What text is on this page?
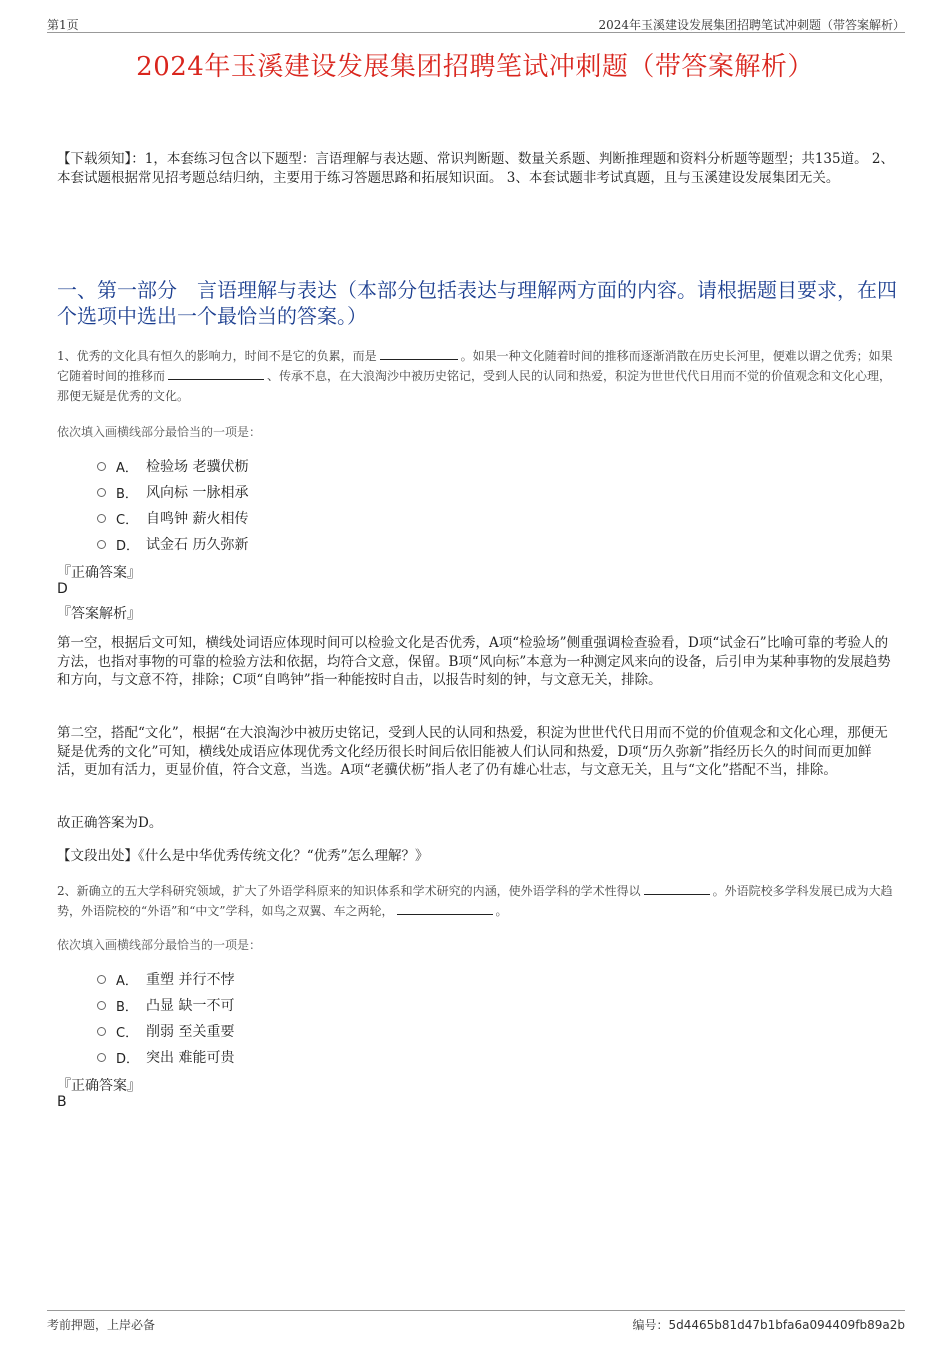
第1页	2024年玉溪建设发展集团招聘笔试冲刺题（带答案解析）
2024年玉溪建设发展集团招聘笔试冲刺题（带答案解析）
【下载须知】：1，本套练习包含以下题型：言语理解与表达题、常识判断题、数量关系题、判断推理题和资料分析题等题型；共135道。 2、本套试题根据常见招考题总结归纳，主要用于练习答题思路和拓展知识面。 3、本套试题非考试真题，且与玉溪建设发展集团无关。
一、第一部分　言语理解与表达（本部分包括表达与理解两方面的内容。请根据题目要求，在四个选项中选出一个最恰当的答案。）
1、优秀的文化具有恒久的影响力，时间不是它的负累，而是	。如果一种文化随着时间的推移而逐渐消散在历史长河里，便难以谓之优秀；如果它随着时间的推移而	、传承不息，在大浪淘沙中被历史铭记，受到人民的认同和热爱，积淀为世世代代日用而不觉的价值观念和文化心理，那便无疑是优秀的文化。
依次填入画横线部分最恰当的一项是：
A． 检验场 老骥伏枥
B． 风向标 一脉相承
C． 自鸣钟 薪火相传
D． 试金石 历久弥新
『正确答案』
D
『答案解析』
第一空，根据后文可知，横线处词语应体现时间可以检验文化是否优秀，A项“检验场”侧重强调检查验看，D项“试金石”比喻可靠的考验人的方法，也指对事物的可靠的检验方法和依据，均符合文意，保留。B项“风向标”本意为一种测定风来向的设备，后引申为某种事物的发展趋势和方向，与文意不符，排除；C项“自鸣钟”指一种能按时自击，以报告时刻的钟，与文意无关，排除。
第二空，搭配“文化”，根据“在大浪淘沙中被历史铭记，受到人民的认同和热爱，积淀为世世代代日用而不觉的价值观念和文化心理，那便无疑是优秀的文化”可知，横线处成语应体现优秀文化经历很长时间后依旧能被人们认同和热爱，D项“历久弥新”指经历长久的时间而更加鲜活，更加有活力，更显价值，符合文意，当选。A项“老骥伏枥”指人老了仍有雄心壮志，与文意无关，且与“文化”搭配不当，排除。
故正确答案为D。
【文段出处】《什么是中华优秀传统文化？“优秀”怎么理解？》
2、新确立的五大学科研究领域，扩大了外语学科原来的知识体系和学术研究的内涵，使外语学科的学术性得以	。外语院校多学科发展已成为大趋势，外语院校的“外语”和“中文”学科，如鸟之双翼、车之两轮，	。
依次填入画横线部分最恰当的一项是：
A． 重塑 并行不悖
B． 凸显 缺一不可
C． 削弱 至关重要
D． 突出 难能可贵
『正确答案』
B
考前押题，上岸必备	编号：5d4465b81d47b1bfa6a094409fb89a2b
